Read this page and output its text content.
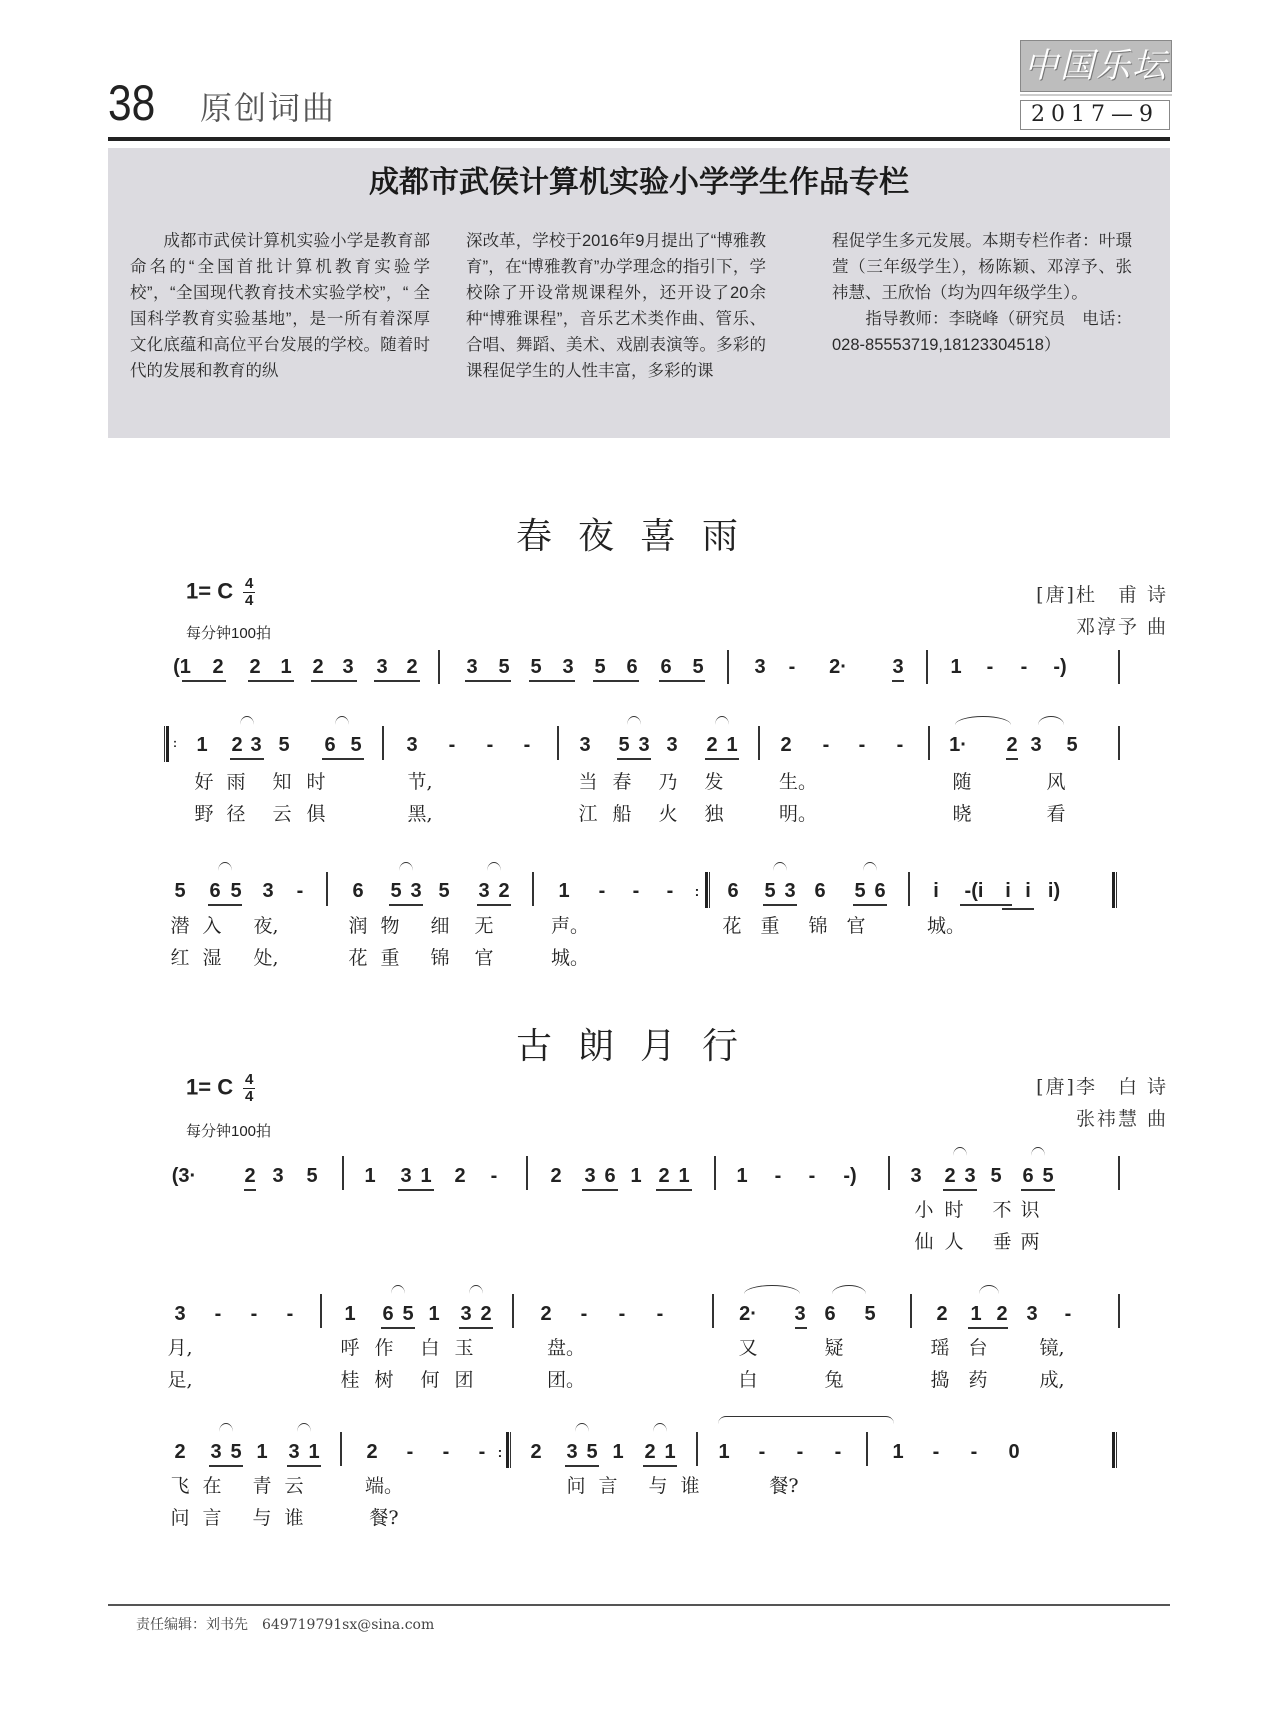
38 原创词曲
中国乐坛
2017—9
成都市武侯计算机实验小学学生作品专栏

　　成都市武侯计算机实验小学是教育部命名的“全国首批计算机教育实验学校”，“全国现代教育技术实验学校”，“ 全国科学教育实验基地”，是一所有着深厚文化底蕴和高位平台发展的学校。随着时代的发展和教育的纵

深改革，学校于2016年9月提出了“博雅教育”，在“博雅教育”办学理念的指引下，学校除了开设常规课程外，还开设了20余种“博雅课程”，音乐艺术类作曲、管乐、合唱、舞蹈、美术、戏剧表演等。多彩的课程促学生的人性丰富，多彩的课

程促学生多元发展。本期专栏作者：叶璟萱（三年级学生），杨陈颖、邓淳予、张祎慧、王欣怡（均为四年级学生）。

　　指导教师：李晓峰（研究员　电话：028-85553719,18123304518）

春夜喜雨
1= C $\frac{4}{4}$
每分钟100拍
[唐]杜　甫 诗
邓淳予 曲
(1 2 2 1 2 3 3 2 3 5 5 3 5 6 6 5	3 - 2· 3 1 - - -)
: 1 2 3 5 6 5 3 - - - 3 5 3 3 2 1 2 - - - 1· 2 3 5
好 雨 知 时	节,	当 春 乃 发	生。	随	风
野 径 云 俱	黑,	江 船 火 独	明。	晓	看
5 6 5 3 - 6 5 3 5 3 2 1 - - - : 6 5 3 6 5 6 i -(i i i i)
潜 入 夜,	润 物 细 无	声。	花 重 锦 官	城。
红 湿 处,	花 重 锦 官	城。
古朗月行
1= C $\frac{4}{4}$
每分钟100拍
[唐]李　白 诗
张祎慧 曲
(3· 2 3 5 1 3 1 2 -	2 3 6 1 2 1 1 - - -)	3 2 3 5 6 5
小 时 不 识
仙 人 垂 两
3 - - -	1 6 5 1 3 2 2 - - -	2· 3 6 5	2 1 2 3 -
月,	呼 作 白 玉	盘。	又	疑	瑶 台	镜,
足,	桂 树 何 团	团。	白	兔	捣 药	成,
2 3 5 1 3 1 2 - - - : 2 3 5 1 2 1 1 - - -	1 - - 0
飞 在 青 云	端。	问 言 与 谁	餐?
问 言 与 谁	餐?
责任编辑：刘书先　649719791sx@sina.com
